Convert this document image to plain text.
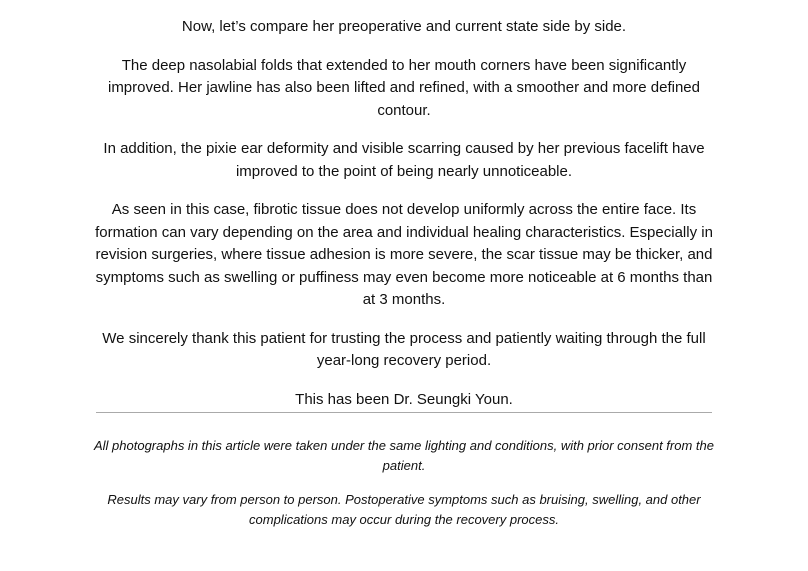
Now, let’s compare her preoperative and current state side by side.

The deep nasolabial folds that extended to her mouth corners have been significantly improved. Her jawline has also been lifted and refined, with a smoother and more defined contour.

In addition, the pixie ear deformity and visible scarring caused by her previous facelift have improved to the point of being nearly unnoticeable.

As seen in this case, fibrotic tissue does not develop uniformly across the entire face. Its formation can vary depending on the area and individual healing characteristics. Especially in revision surgeries, where tissue adhesion is more severe, the scar tissue may be thicker, and symptoms such as swelling or puffiness may even become more noticeable at 6 months than at 3 months.

We sincerely thank this patient for trusting the process and patiently waiting through the full year-long recovery period.

This has been Dr. Seungki Youn.

All photographs in this article were taken under the same lighting and conditions, with prior consent from the patient.

Results may vary from person to person. Postoperative symptoms such as bruising, swelling, and other complications may occur during the recovery process.
